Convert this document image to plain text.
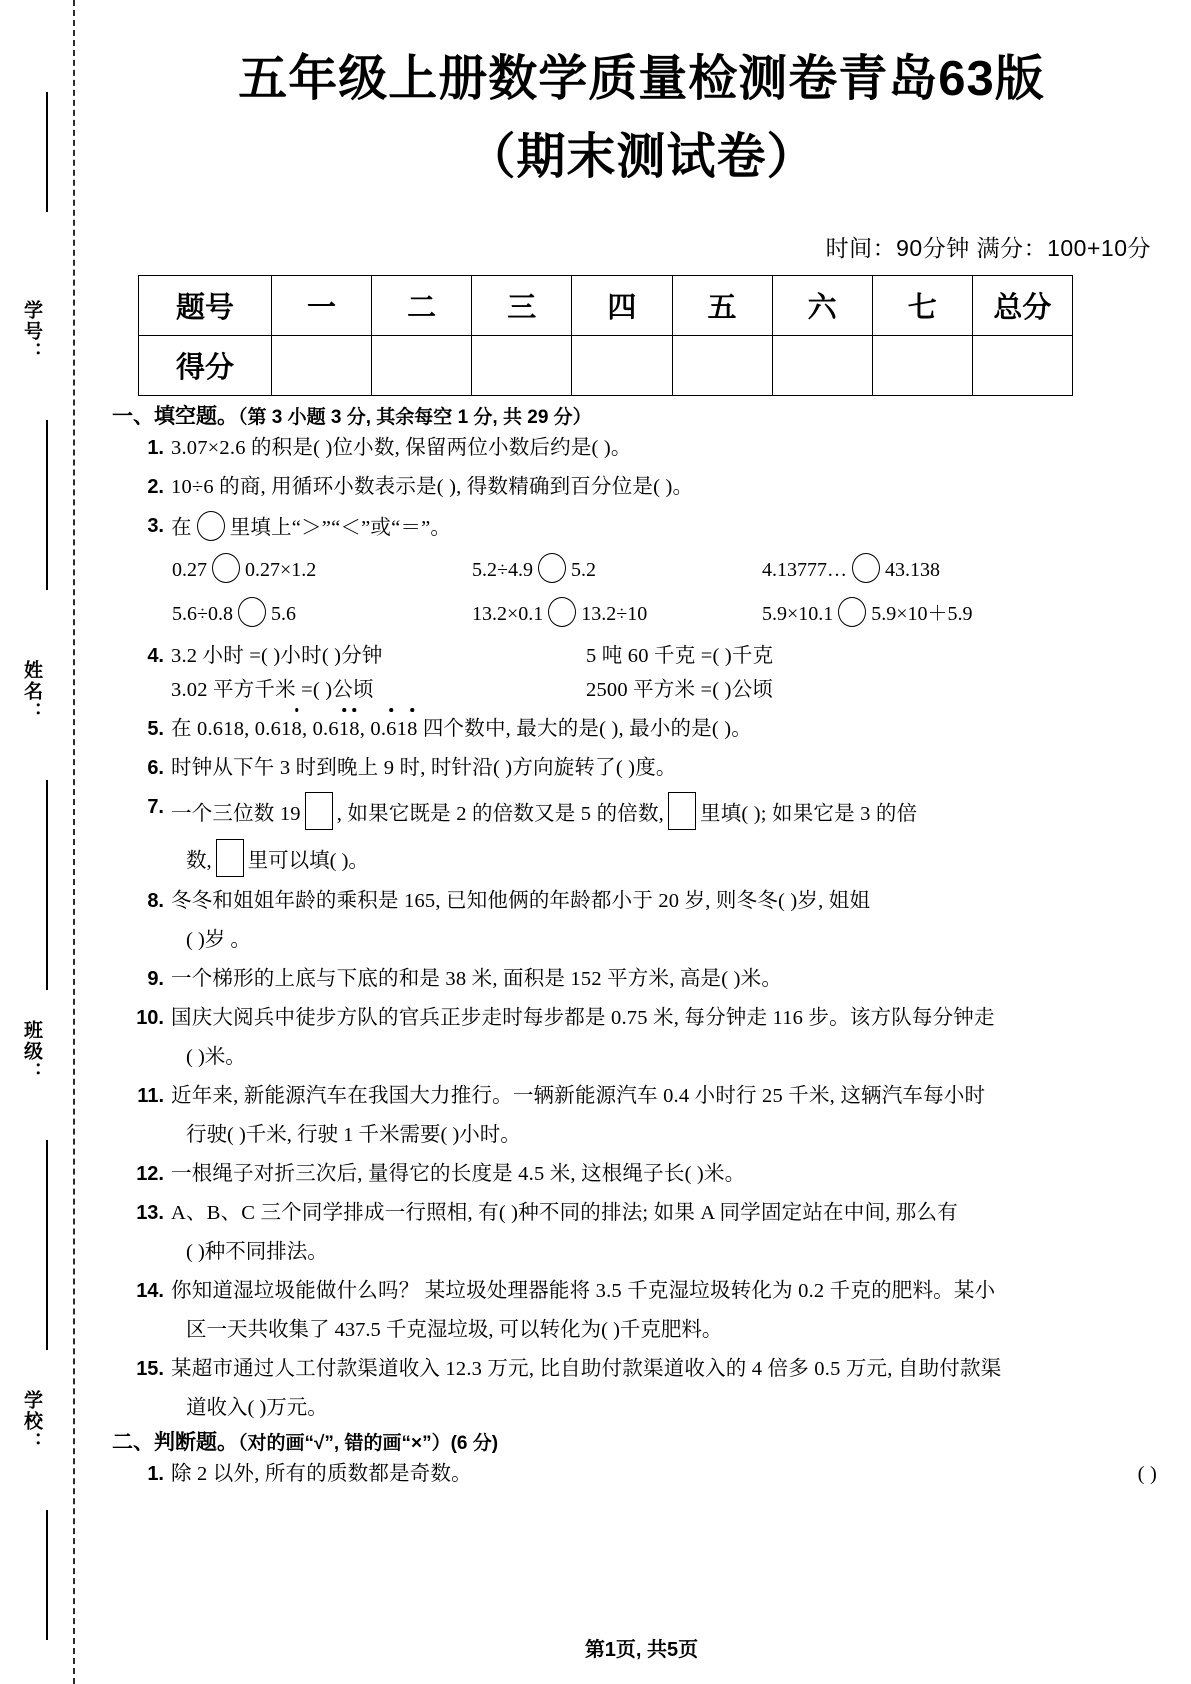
学号：
姓名：
班级：
学校：
五年级上册数学质量检测卷青岛63版
（期末测试卷）
时间：90分钟 满分：100+10分
题号	一	二	三	四	五	六	七	总分
得分								
一、填空题。（第 3 小题 3 分, 其余每空 1 分, 共 29 分）
1. 3.07×2.6 的积是( )位小数, 保留两位小数后约是( )。
2. 10÷6 的商, 用循环小数表示是( ), 得数精确到百分位是( )。
3. 在 里填上“＞”“＜”或“＝”。
0.27 0.27×1.2	5.2÷4.9 5.2	4.13777… 43.138
5.6÷0.8 5.6	13.2×0.1 13.2÷10	5.9×10.1 5.9×10＋5.9
4. 3.2 小时 =( )小时( )分钟	5 吨 60 千克 =( )千克
3.02 平方千米 =( )公顷	2500 平方米 =( )公顷
5. 在 0.618, 0.618, 0.618, 0.618 四个数中, 最大的是( ), 最小的是( )。
6. 时钟从下午 3 时到晚上 9 时, 时针沿( )方向旋转了( )度。
7. 一个三位数 19 , 如果它既是 2 的倍数又是 5 的倍数, 里填( ); 如果它是 3 的倍
数, 里可以填( )。
8. 冬冬和姐姐年龄的乘积是 165, 已知他俩的年龄都小于 20 岁, 则冬冬( )岁, 姐姐
( )岁 。
9. 一个梯形的上底与下底的和是 38 米, 面积是 152 平方米, 高是( )米。
10. 国庆大阅兵中徒步方队的官兵正步走时每步都是 0.75 米, 每分钟走 116 步。该方队每分钟走
( )米。
11. 近年来, 新能源汽车在我国大力推行。一辆新能源汽车 0.4 小时行 25 千米, 这辆汽车每小时
行驶( )千米, 行驶 1 千米需要( )小时。
12. 一根绳子对折三次后, 量得它的长度是 4.5 米, 这根绳子长( )米。
13. A、B、C 三个同学排成一行照相, 有( )种不同的排法; 如果 A 同学固定站在中间, 那么有
( )种不同排法。
14. 你知道湿垃圾能做什么吗？ 某垃圾处理器能将 3.5 千克湿垃圾转化为 0.2 千克的肥料。某小
区一天共收集了 437.5 千克湿垃圾, 可以转化为( )千克肥料。
15. 某超市通过人工付款渠道收入 12.3 万元, 比自助付款渠道收入的 4 倍多 0.5 万元, 自助付款渠
道收入( )万元。
二、判断题。（对的画“√”, 错的画“×”）(6 分)
1. 除 2 以外, 所有的质数都是奇数。	( )
第1页, 共5页
